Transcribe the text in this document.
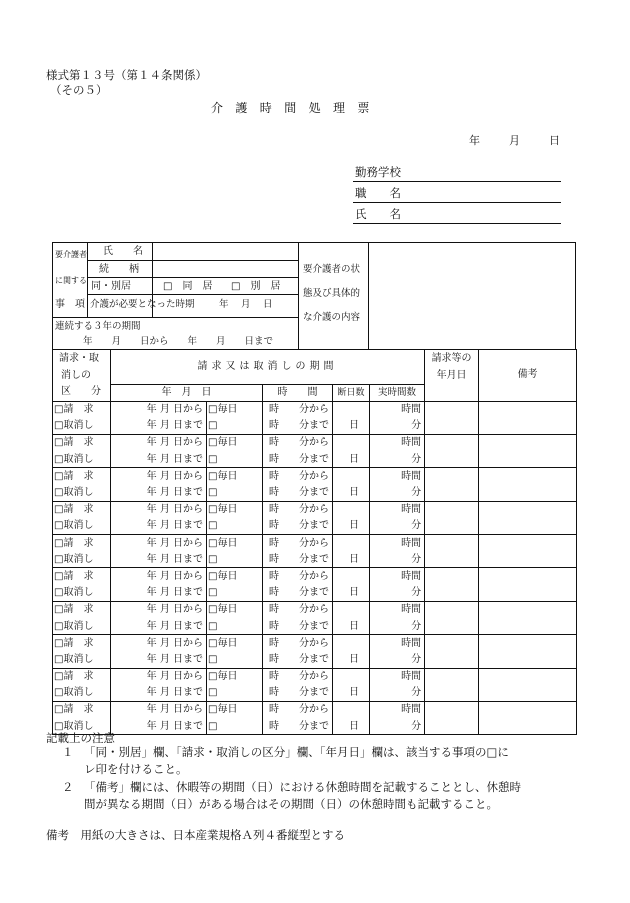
様式第１３号（第１４条関係）
（その５）
介護時間処理票
年	月	日
勤務学校
職　　名
氏　　名
要介護者
に関する
事　項
氏　　名
続　　柄
同・別居	□　同　居 □　別　居
介護が必要となった時期	年 月 日
要介護者の状
態及び具体的
な介護の内容
連続する３年の期間
年　　月　　日から　　年　　月　　日まで
請求・取	請求又は取消しの期間					請求等の	備考
消しの						年月日	
区　　分	年　月　日		時　　間	断日数	実時間数		
□請　求	年 月 日から	□毎日	時　　分から		時間		
□取消し	年 月 日まで	□	時　　分まで	日	分		
□請　求	年 月 日から	□毎日	時　　分から		時間		
□取消し	年 月 日まで	□	時　　分まで	日	分		
□請　求	年 月 日から	□毎日	時　　分から		時間		
□取消し	年 月 日まで	□	時　　分まで	日	分		
□請　求	年 月 日から	□毎日	時　　分から		時間		
□取消し	年 月 日まで	□	時　　分まで	日	分		
□請　求	年 月 日から	□毎日	時　　分から		時間		
□取消し	年 月 日まで	□	時　　分まで	日	分		
□請　求	年 月 日から	□毎日	時　　分から		時間		
□取消し	年 月 日まで	□	時　　分まで	日	分		
□請　求	年 月 日から	□毎日	時　　分から		時間		
□取消し	年 月 日まで	□	時　　分まで	日	分		
□請　求	年 月 日から	□毎日	時　　分から		時間		
□取消し	年 月 日まで	□	時　　分まで	日	分		
□請　求	年 月 日から	□毎日	時　　分から		時間		
□取消し	年 月 日まで	□	時　　分まで	日	分		
□請　求	年 月 日から	□毎日	時　　分から		時間		
□取消し	年 月 日まで	□	時　　分まで	日	分		
記載上の注意
１ 「同・別居」欄、「請求・取消しの区分」欄、「年月日」欄は、該当する事項の□に
レ印を付けること。
２ 「備考」欄には、休暇等の期間（日）における休憩時間を記載することとし、休憩時
間が異なる期間（日）がある場合はその期間（日）の休憩時間も記載すること。
備考　用紙の大きさは、日本産業規格Ａ列４番縦型とする
